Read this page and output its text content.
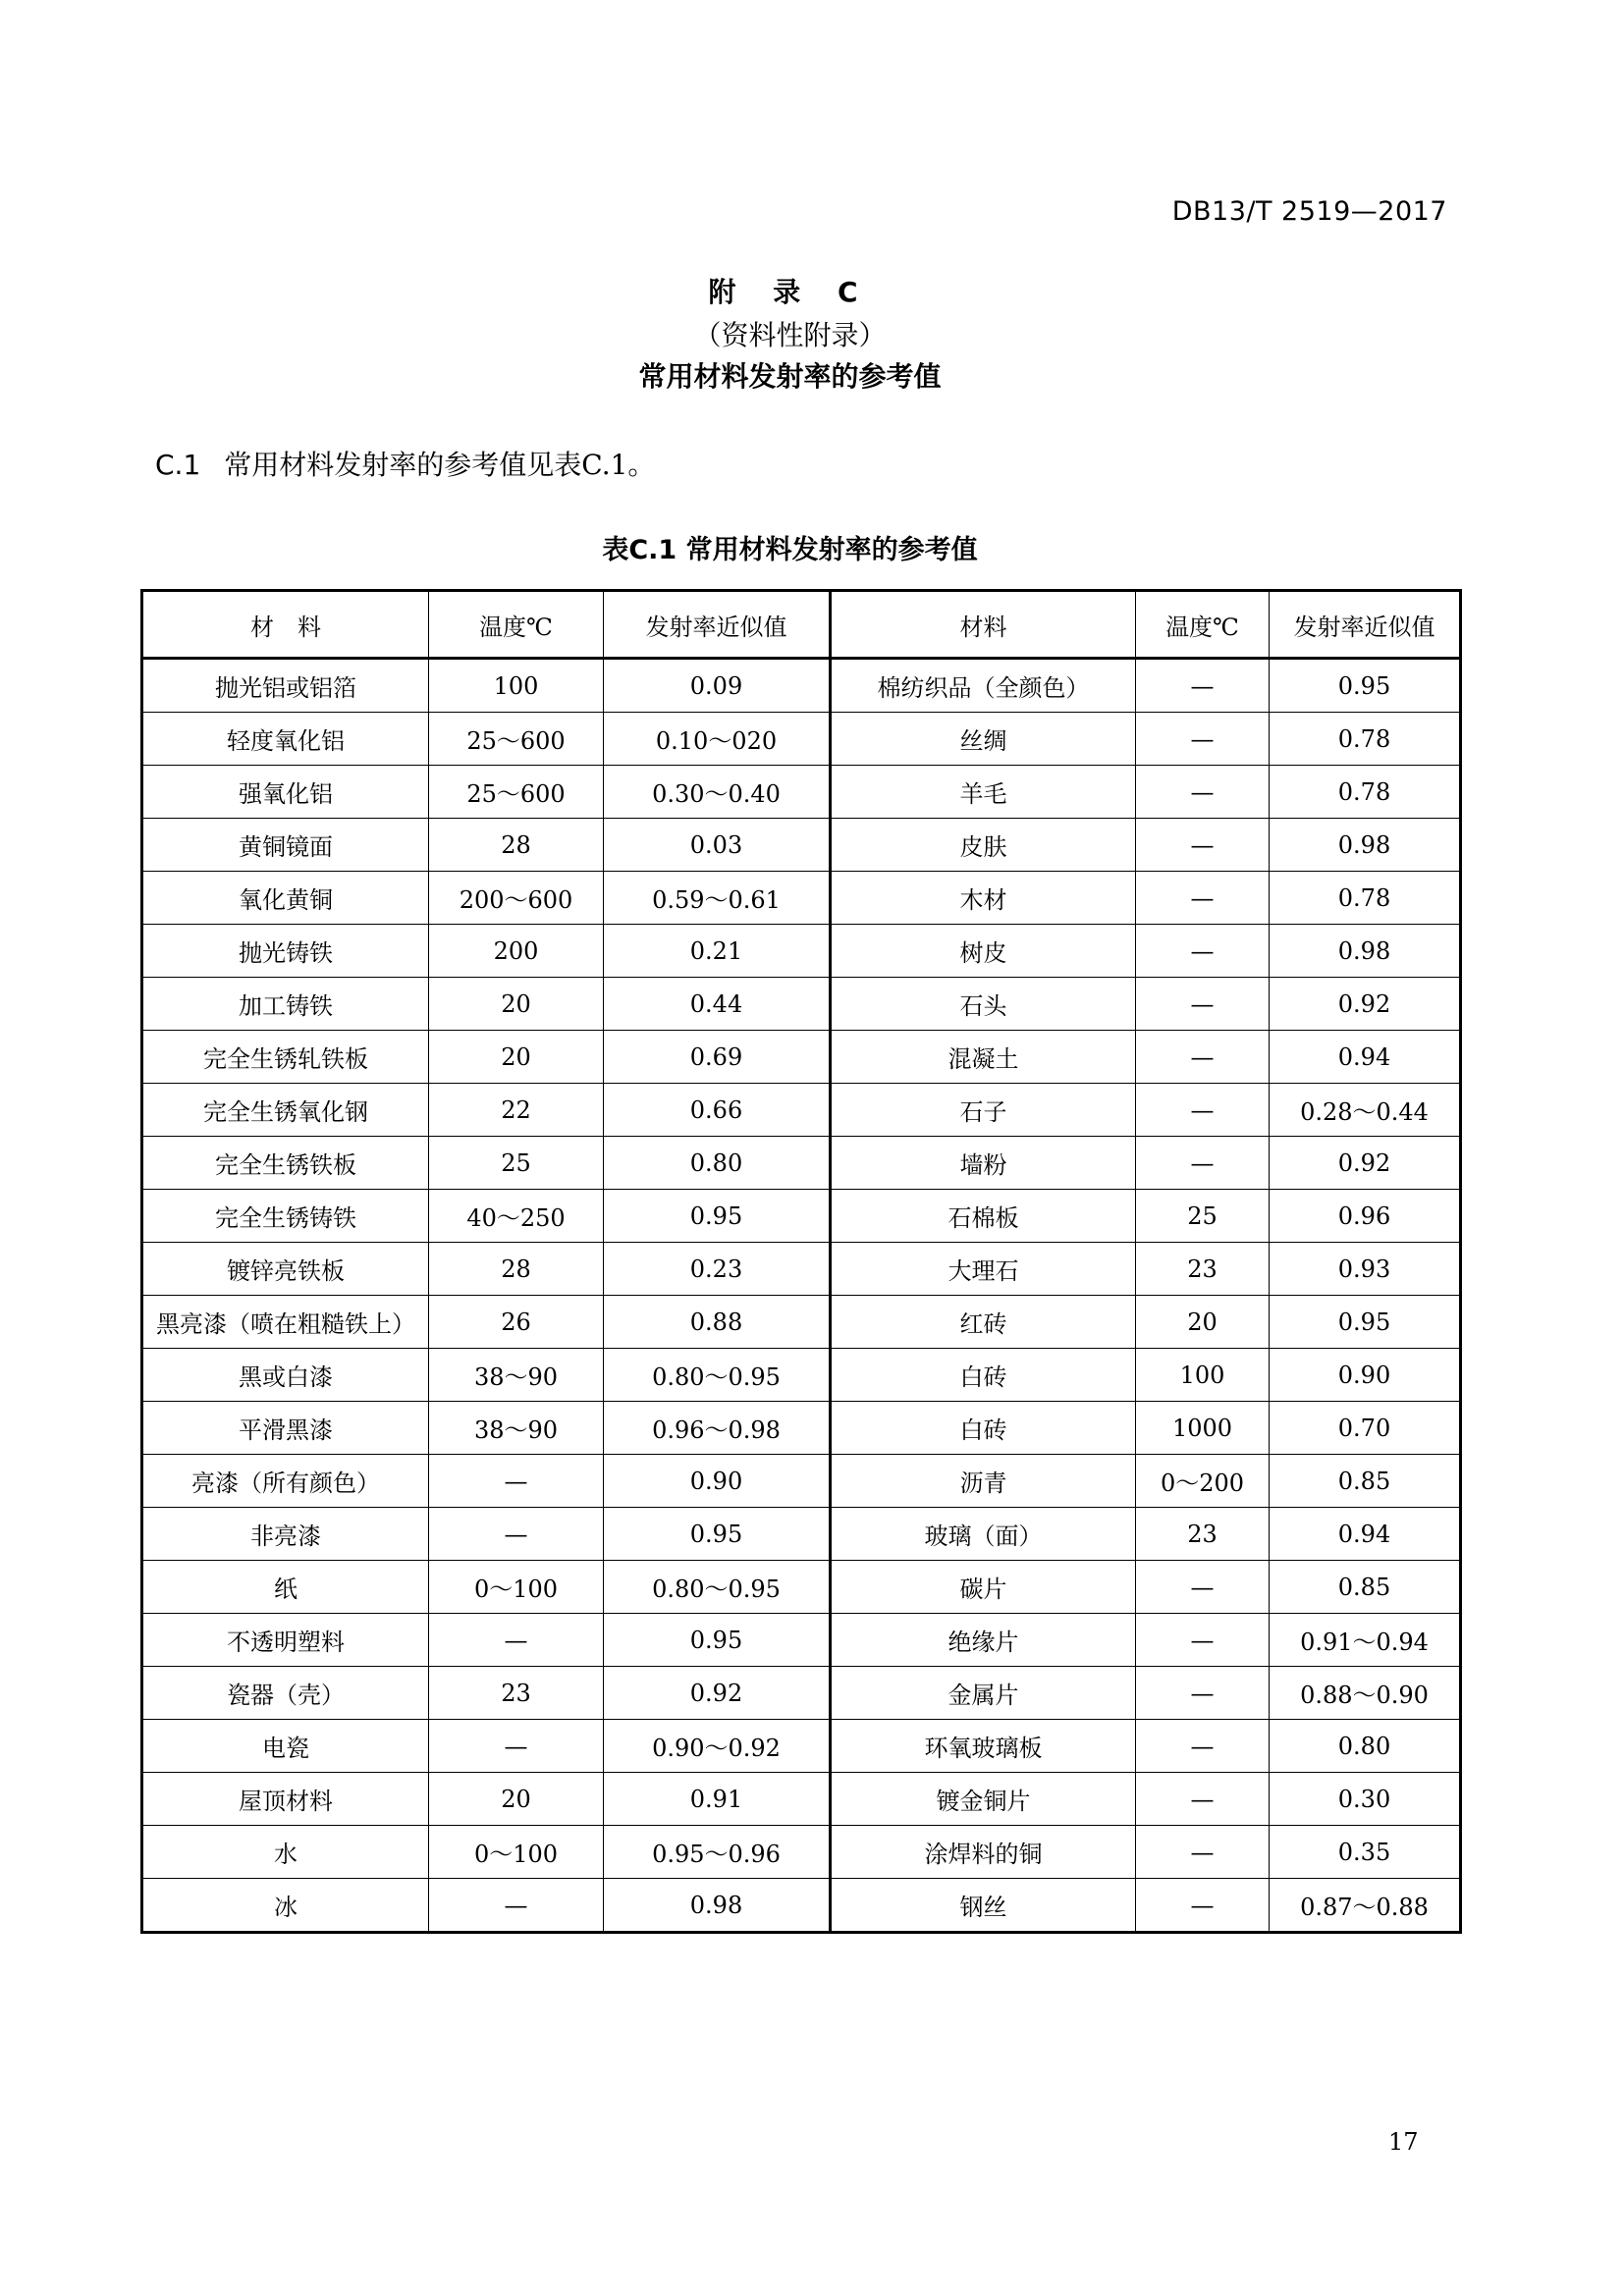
DB13/T 2519—2017
附 录 C
（资料性附录）
常用材料发射率的参考值
C.1 常用材料发射率的参考值见表C.1。
表C.1 常用材料发射率的参考值
材　料	温度℃	发射率近似值	材料	温度℃	发射率近似值
抛光铝或铝箔	100	0.09	棉纺织品（全颜色）	—	0.95
轻度氧化铝	25～600	0.10～020	丝绸	—	0.78
强氧化铝	25～600	0.30～0.40	羊毛	—	0.78
黄铜镜面	28	0.03	皮肤	—	0.98
氧化黄铜	200～600	0.59～0.61	木材	—	0.78
抛光铸铁	200	0.21	树皮	—	0.98
加工铸铁	20	0.44	石头	—	0.92
完全生锈轧铁板	20	0.69	混凝土	—	0.94
完全生锈氧化钢	22	0.66	石子	—	0.28～0.44
完全生锈铁板	25	0.80	墙粉	—	0.92
完全生锈铸铁	40～250	0.95	石棉板	25	0.96
镀锌亮铁板	28	0.23	大理石	23	0.93
黑亮漆（喷在粗糙铁上）	26	0.88	红砖	20	0.95
黑或白漆	38～90	0.80～0.95	白砖	100	0.90
平滑黑漆	38～90	0.96～0.98	白砖	1000	0.70
亮漆（所有颜色）	—	0.90	沥青	0～200	0.85
非亮漆	—	0.95	玻璃（面）	23	0.94
纸	0～100	0.80～0.95	碳片	—	0.85
不透明塑料	—	0.95	绝缘片	—	0.91～0.94
瓷器（壳）	23	0.92	金属片	—	0.88～0.90
电瓷	—	0.90～0.92	环氧玻璃板	—	0.80
屋顶材料	20	0.91	镀金铜片	—	0.30
水	0～100	0.95～0.96	涂焊料的铜	—	0.35
冰	—	0.98	钢丝	—	0.87～0.88
17
